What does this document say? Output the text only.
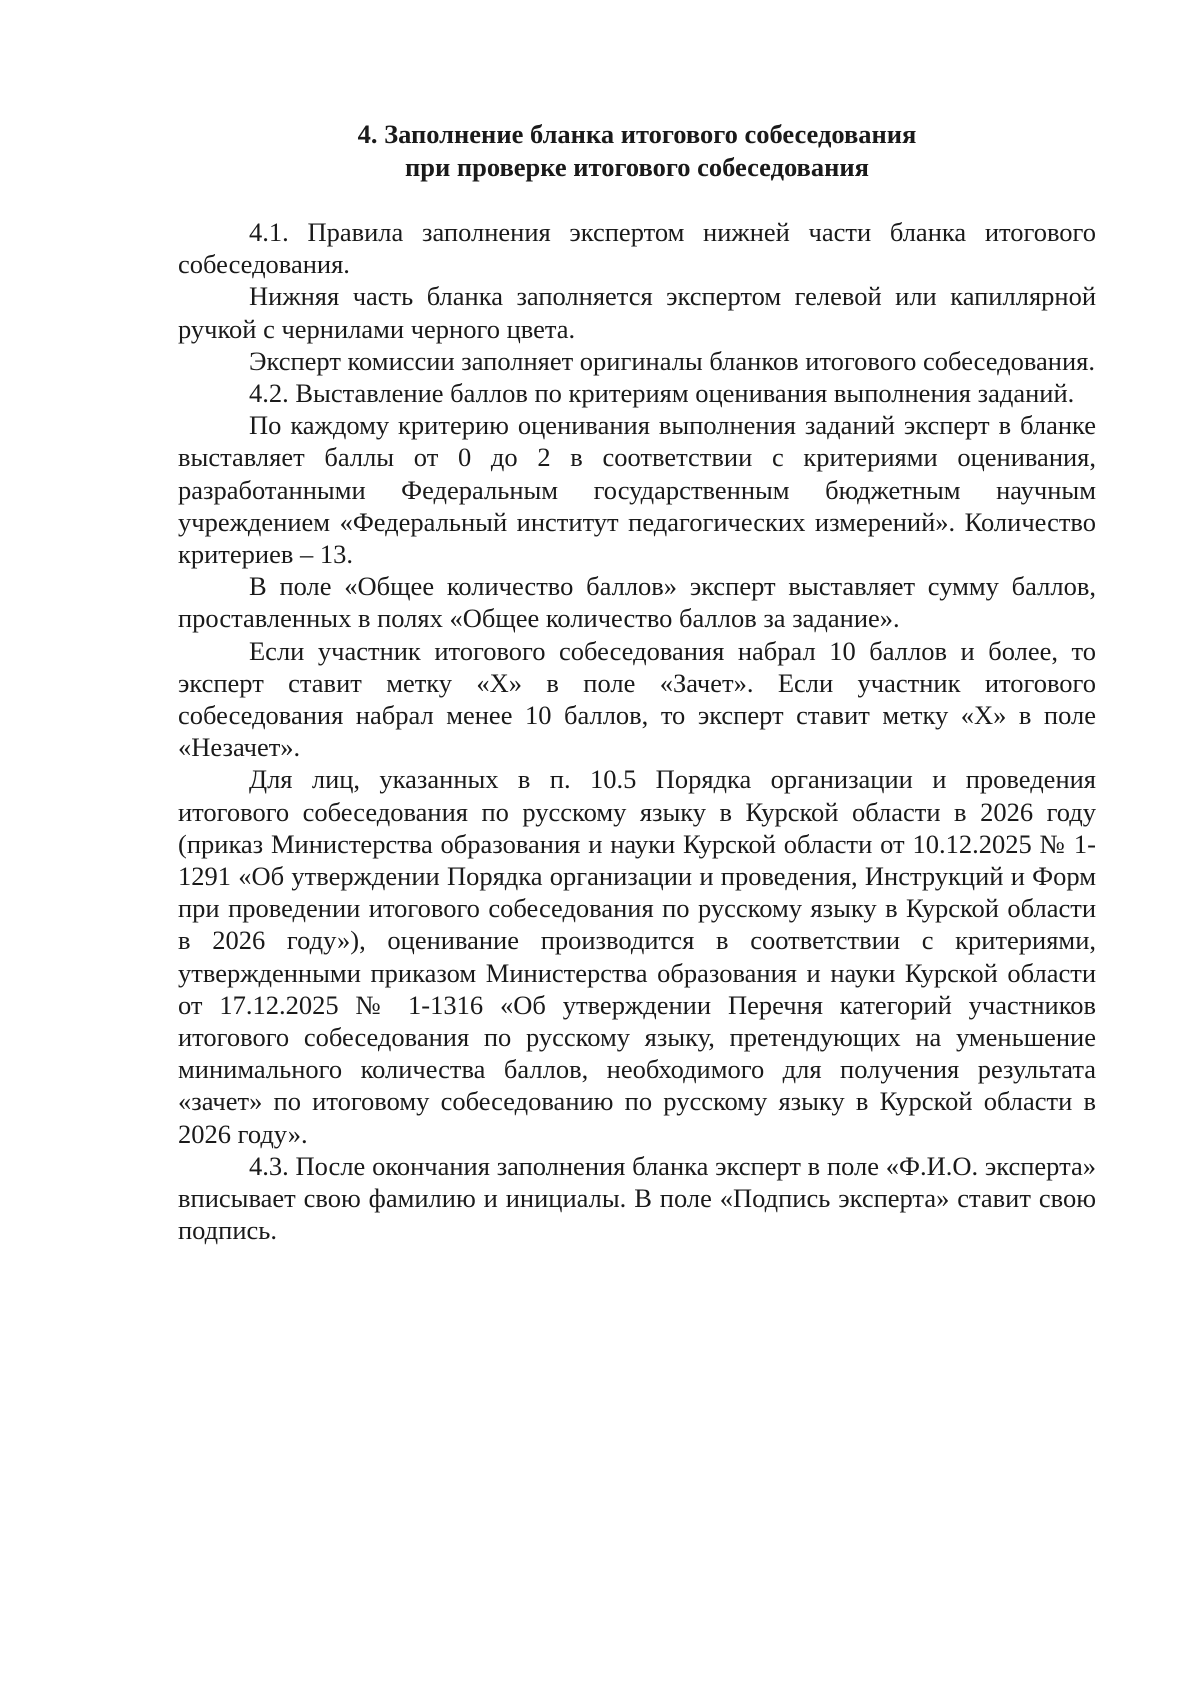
4. Заполнение бланка итогового собеседования
при проверке итогового собеседования

4.1. Правила заполнения экспертом нижней части бланка итогового собеседования.

Нижняя часть бланка заполняется экспертом гелевой или капиллярной ручкой с чернилами черного цвета.

Эксперт комиссии заполняет оригиналы бланков итогового собеседования.

4.2. Выставление баллов по критериям оценивания выполнения заданий.

По каждому критерию оценивания выполнения заданий эксперт в бланке выставляет баллы от 0 до 2 в соответствии с критериями оценивания, разработанными Федеральным государственным бюджетным научным учреждением «Федеральный институт педагогических измерений». Количество критериев – 13.

В поле «Общее количество баллов» эксперт выставляет сумму баллов, проставленных в полях «Общее количество баллов за задание».

Если участник итогового собеседования набрал 10 баллов и более, то эксперт ставит метку «Х» в поле «Зачет». Если участник итогового собеседования набрал менее 10 баллов, то эксперт ставит метку «Х» в поле «Незачет».

Для лиц, указанных в п. 10.5 Порядка организации и проведения итогового собеседования по русскому языку в Курской области в 2026 году (приказ Министерства образования и науки Курской области от 10.12.2025 № 1-1291 «Об утверждении Порядка организации и проведения, Инструкций и Форм при проведении итогового собеседования по русскому языку в Курской области в 2026 году»), оценивание производится в соответствии с критериями, утвержденными приказом Министерства образования и науки Курской области от 17.12.2025 № 1-1316 «Об утверждении Перечня категорий участников итогового собеседования по русскому языку, претендующих на уменьшение минимального количества баллов, необходимого для получения результата «зачет» по итоговому собеседованию по русскому языку в Курской области в 2026 году».

4.3. После окончания заполнения бланка эксперт в поле «Ф.И.О. эксперта» вписывает свою фамилию и инициалы. В поле «Подпись эксперта» ставит свою подпись.
